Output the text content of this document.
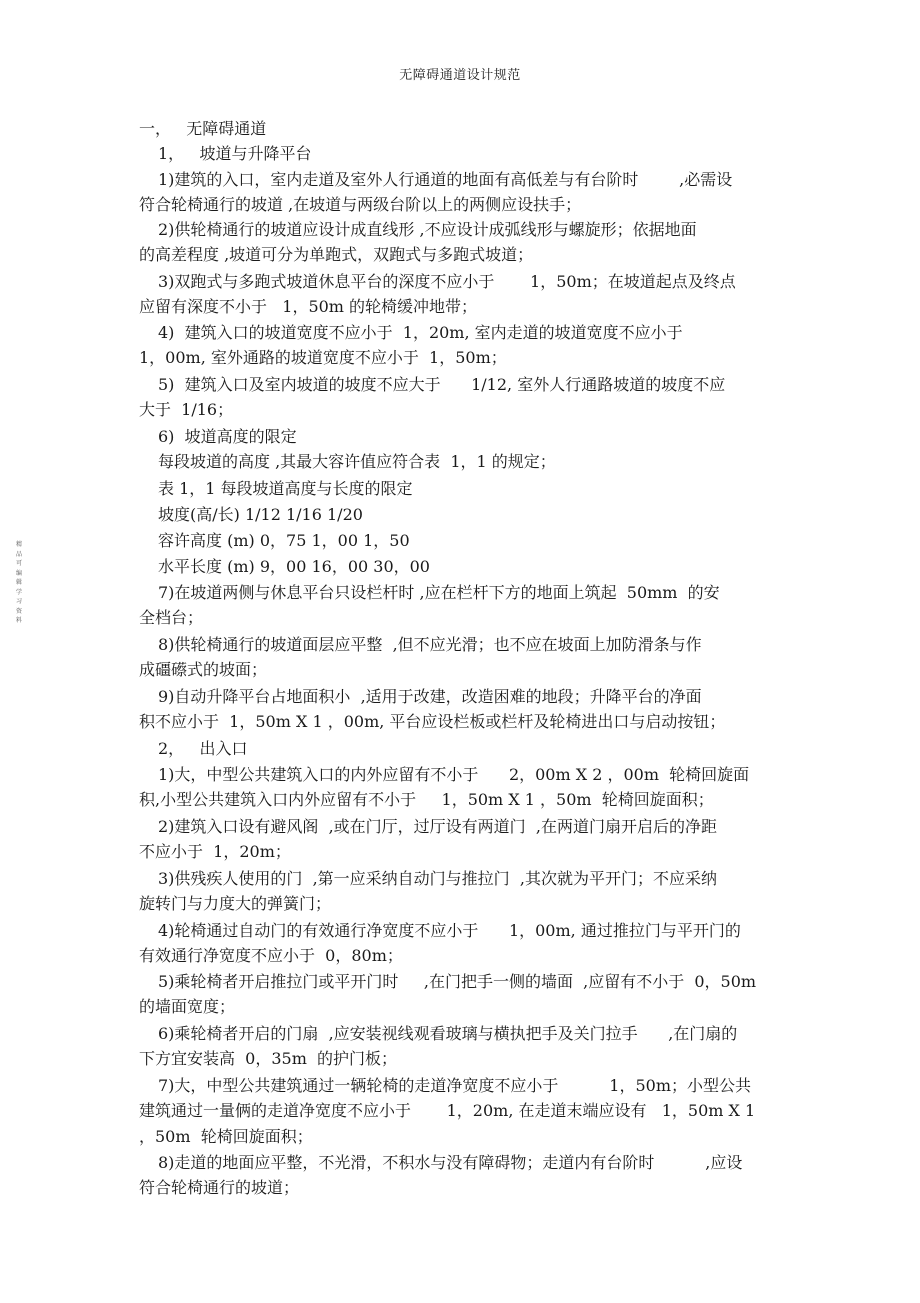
无障碍通道设计规范
精品可编辑学习资料
一，   无障碍通道
1，   坡道与升降平台
1)建筑的入口，室内走道及室外人行通道的地面有高低差与有台阶时        ,必需设
符合轮椅通行的坡道 ,在坡道与两级台阶以上的两侧应设扶手；
2)供轮椅通行的坡道应设计成直线形 ,不应设计成弧线形与螺旋形；依据地面
的高差程度 ,坡道可分为单跑式，双跑式与多跑式坡道；
3)双跑式与多跑式坡道休息平台的深度不应小于       1，50m；在坡道起点及终点
应留有深度不小于   1，50m 的轮椅缓冲地带；
4)  建筑入口的坡道宽度不应小于  1，20m, 室内走道的坡道宽度不应小于
1，00m, 室外通路的坡道宽度不应小于  1，50m；
5)  建筑入口及室内坡道的坡度不应大于      1/12, 室外人行通路坡道的坡度不应
大于  1/16；
6)  坡道高度的限定
每段坡道的高度 ,其最大容许值应符合表  1，1 的规定；
表 1，1 每段坡道高度与长度的限定
坡度(高/长) 1/12 1/16 1/20
容许高度 (m) 0，75 1，00 1，50
水平长度 (m) 9，00 16，00 30，00
7)在坡道两侧与休息平台只设栏杆时 ,应在栏杆下方的地面上筑起  50mm  的安
全档台；
8)供轮椅通行的坡道面层应平整  ,但不应光滑；也不应在坡面上加防滑条与作
成礓礤式的坡面；
9)自动升降平台占地面积小  ,适用于改建，改造困难的地段；升降平台的净面
积不应小于  1，50m X 1 ，00m, 平台应设栏板或栏杆及轮椅进出口与启动按钮；
2，   出入口
1)大，中型公共建筑入口的内外应留有不小于      2，00m X 2 ，00m  轮椅回旋面
积,小型公共建筑入口内外应留有不小于     1，50m X 1 ，50m  轮椅回旋面积；
2)建筑入口设有避风阁  ,或在门厅，过厅设有两道门  ,在两道门扇开启后的净距
不应小于  1，20m；
3)供残疾人使用的门  ,第一应采纳自动门与推拉门  ,其次就为平开门；不应采纳
旋转门与力度大的弹簧门；
4)轮椅通过自动门的有效通行净宽度不应小于      1，00m, 通过推拉门与平开门的
有效通行净宽度不应小于  0，80m；
5)乘轮椅者开启推拉门或平开门时     ,在门把手一侧的墙面  ,应留有不小于  0，50m
的墙面宽度；
6)乘轮椅者开启的门扇  ,应安装视线观看玻璃与横执把手及关门拉手      ,在门扇的
下方宜安装高  0，35m  的护门板；
7)大，中型公共建筑通过一辆轮椅的走道净宽度不应小于          1，50m；小型公共
建筑通过一量俩的走道净宽度不应小于       1，20m, 在走道末端应设有   1，50m X 1
，50m  轮椅回旋面积；
8)走道的地面应平整，不光滑，不积水与没有障碍物；走道内有台阶时          ,应设
符合轮椅通行的坡道；
